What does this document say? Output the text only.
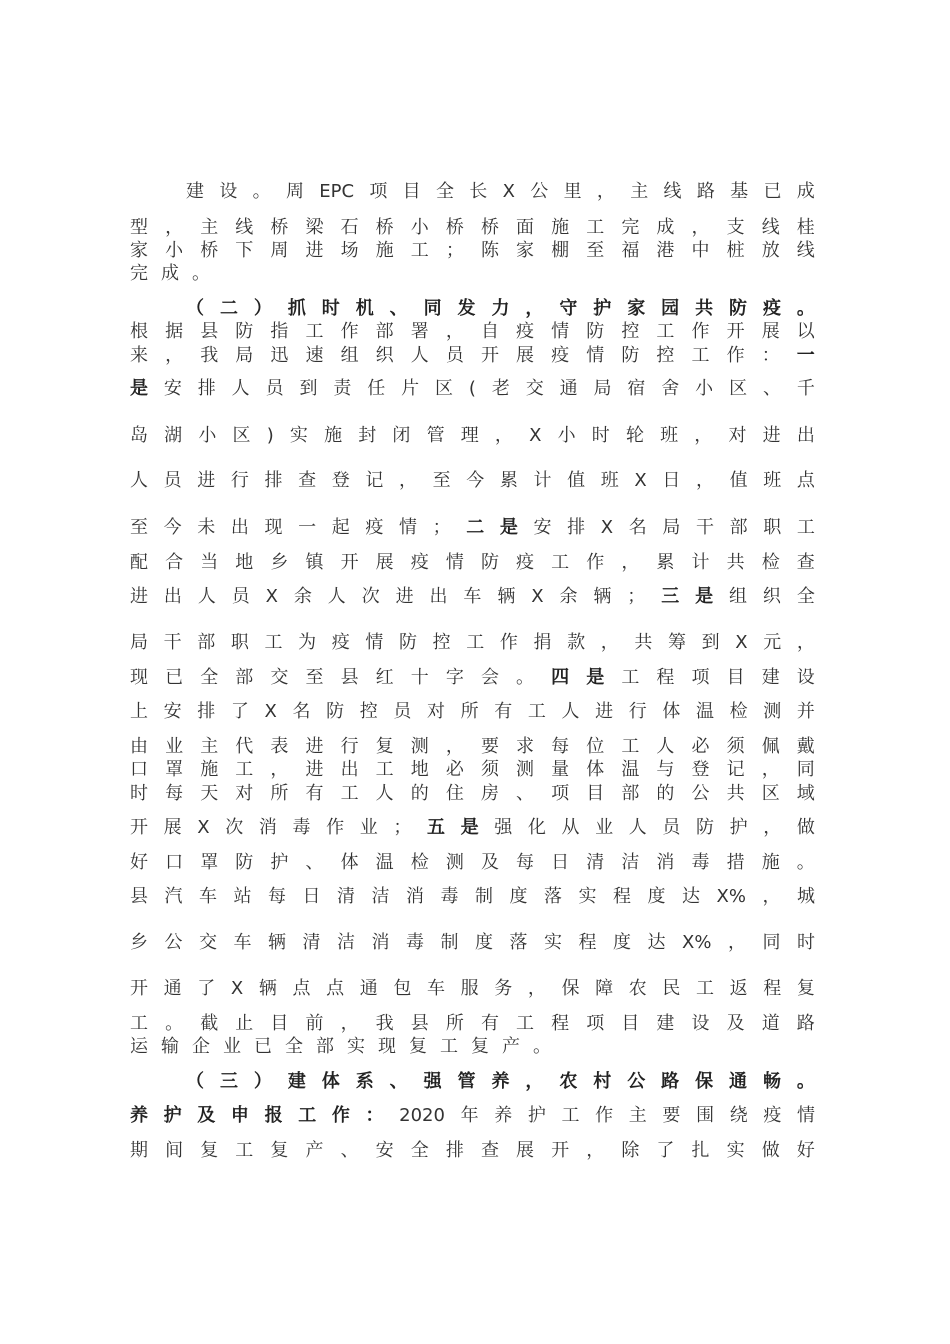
建 设 。 周 EPC 项 目 全 长 X 公 里 ， 主 线 路 基 已 成
型 ， 主 线 桥 梁 石 桥 小 桥 桥 面 施 工 完 成 ， 支 线 桂
家 小 桥 下 周 进 场 施 工 ； 陈 家 棚 至 福 港 中 桩 放 线
完 成 。
（ 二 ） 抓 时 机 、 同 发 力 ， 守 护 家 园 共 防 疫 。
根 据 县 防 指 工 作 部 署 ， 自 疫 情 防 控 工 作 开 展 以
来 ， 我 局 迅 速 组 织 人 员 开 展 疫 情 防 控 工 作 ： 一
是 安 排 人 员 到 责 任 片 区 ( 老 交 通 局 宿 舍 小 区 、 千
岛 湖 小 区 ) 实 施 封 闭 管 理 ， X 小 时 轮 班 ， 对 进 出
人 员 进 行 排 查 登 记 ， 至 今 累 计 值 班 X 日 ， 值 班 点
至 今 未 出 现 一 起 疫 情 ； 二 是 安 排 X 名 局 干 部 职 工
配 合 当 地 乡 镇 开 展 疫 情 防 疫 工 作 ， 累 计 共 检 查
进 出 人 员 X 余 人 次 进 出 车 辆 X 余 辆 ； 三 是 组 织 全
局 干 部 职 工 为 疫 情 防 控 工 作 捐 款 ， 共 筹 到 X 元 ，
现 已 全 部 交 至 县 红 十 字 会 。 四 是 工 程 项 目 建 设
上 安 排 了 X 名 防 控 员 对 所 有 工 人 进 行 体 温 检 测 并
由 业 主 代 表 进 行 复 测 ， 要 求 每 位 工 人 必 须 佩 戴
口 罩 施 工 ， 进 出 工 地 必 须 测 量 体 温 与 登 记 ， 同
时 每 天 对 所 有 工 人 的 住 房 、 项 目 部 的 公 共 区 域
开 展 X 次 消 毒 作 业 ； 五 是 强 化 从 业 人 员 防 护 ， 做
好 口 罩 防 护 、 体 温 检 测 及 每 日 清 洁 消 毒 措 施 。
县 汽 车 站 每 日 清 洁 消 毒 制 度 落 实 程 度 达 X% ， 城
乡 公 交 车 辆 清 洁 消 毒 制 度 落 实 程 度 达 X% ， 同 时
开 通 了 X 辆 点 点 通 包 车 服 务 ， 保 障 农 民 工 返 程 复
工 。 截 止 目 前 ， 我 县 所 有 工 程 项 目 建 设 及 道 路
运 输 企 业 已 全 部 实 现 复 工 复 产 。
（ 三 ） 建 体 系 、 强 管 养 ， 农 村 公 路 保 通 畅 。
养 护 及 申 报 工 作 ： 2020 年 养 护 工 作 主 要 围 绕 疫 情
期 间 复 工 复 产 、 安 全 排 查 展 开 ， 除 了 扎 实 做 好
